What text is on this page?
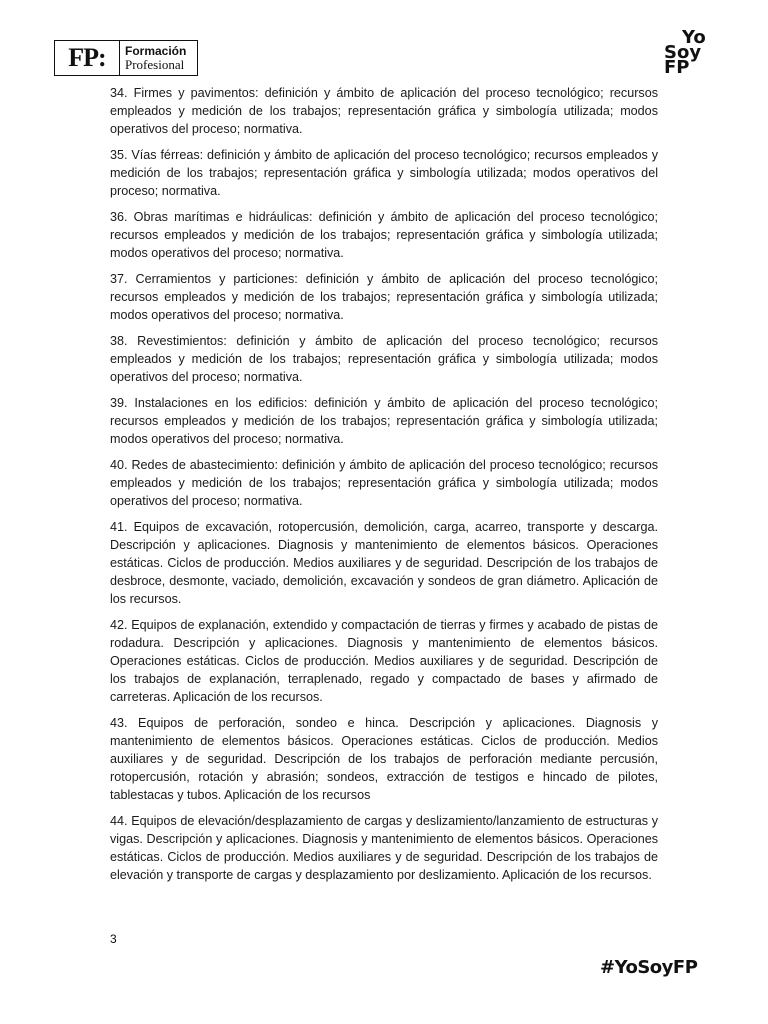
FP:	Formación
Profesional
Yo
Soy
FP

34. Firmes y pavimentos: definición y ámbito de aplicación del proceso tecnológico; recursos empleados y medición de los trabajos; representación gráfica y simbología utilizada; modos operativos del proceso; normativa.

35. Vías férreas: definición y ámbito de aplicación del proceso tecnológico; recursos empleados y medición de los trabajos; representación gráfica y simbología utilizada; modos operativos del proceso; normativa.

36. Obras marítimas e hidráulicas: definición y ámbito de aplicación del proceso tecnológico; recursos empleados y medición de los trabajos; representación gráfica y simbología utilizada; modos operativos del proceso; normativa.

37. Cerramientos y particiones: definición y ámbito de aplicación del proceso tecnológico; recursos empleados y medición de los trabajos; representación gráfica y simbología utilizada; modos operativos del proceso; normativa.

38. Revestimientos: definición y ámbito de aplicación del proceso tecnológico; recursos empleados y medición de los trabajos; representación gráfica y simbología utilizada; modos operativos del proceso; normativa.

39. Instalaciones en los edificios: definición y ámbito de aplicación del proceso tecnológico; recursos empleados y medición de los trabajos; representación gráfica y simbología utilizada; modos operativos del proceso; normativa.

40. Redes de abastecimiento: definición y ámbito de aplicación del proceso tecnológico; recursos empleados y medición de los trabajos; representación gráfica y simbología utilizada; modos operativos del proceso; normativa.

41. Equipos de excavación, rotopercusión, demolición, carga, acarreo, transporte y descarga. Descripción y aplicaciones. Diagnosis y mantenimiento de elementos básicos. Operaciones estáticas. Ciclos de producción. Medios auxiliares y de seguridad. Descripción de los trabajos de desbroce, desmonte, vaciado, demolición, excavación y sondeos de gran diámetro. Aplicación de los recursos.

42. Equipos de explanación, extendido y compactación de tierras y firmes y acabado de pistas de rodadura. Descripción y aplicaciones. Diagnosis y mantenimiento de elementos básicos. Operaciones estáticas. Ciclos de producción. Medios auxiliares y de seguridad. Descripción de los trabajos de explanación, terraplenado, regado y compactado de bases y afirmado de carreteras. Aplicación de los recursos.

43. Equipos de perforación, sondeo e hinca. Descripción y aplicaciones. Diagnosis y mantenimiento de elementos básicos. Operaciones estáticas. Ciclos de producción. Medios auxiliares y de seguridad. Descripción de los trabajos de perforación mediante percusión, rotopercusión, rotación y abrasión; sondeos, extracción de testigos e hincado de pilotes, tablestacas y tubos. Aplicación de los recursos

44. Equipos de elevación/desplazamiento de cargas y deslizamiento/lanzamiento de estructuras y vigas. Descripción y aplicaciones. Diagnosis y mantenimiento de elementos básicos. Operaciones estáticas. Ciclos de producción. Medios auxiliares y de seguridad. Descripción de los trabajos de elevación y transporte de cargas y desplazamiento por deslizamiento. Aplicación de los recursos.

3
#YoSoyFP
